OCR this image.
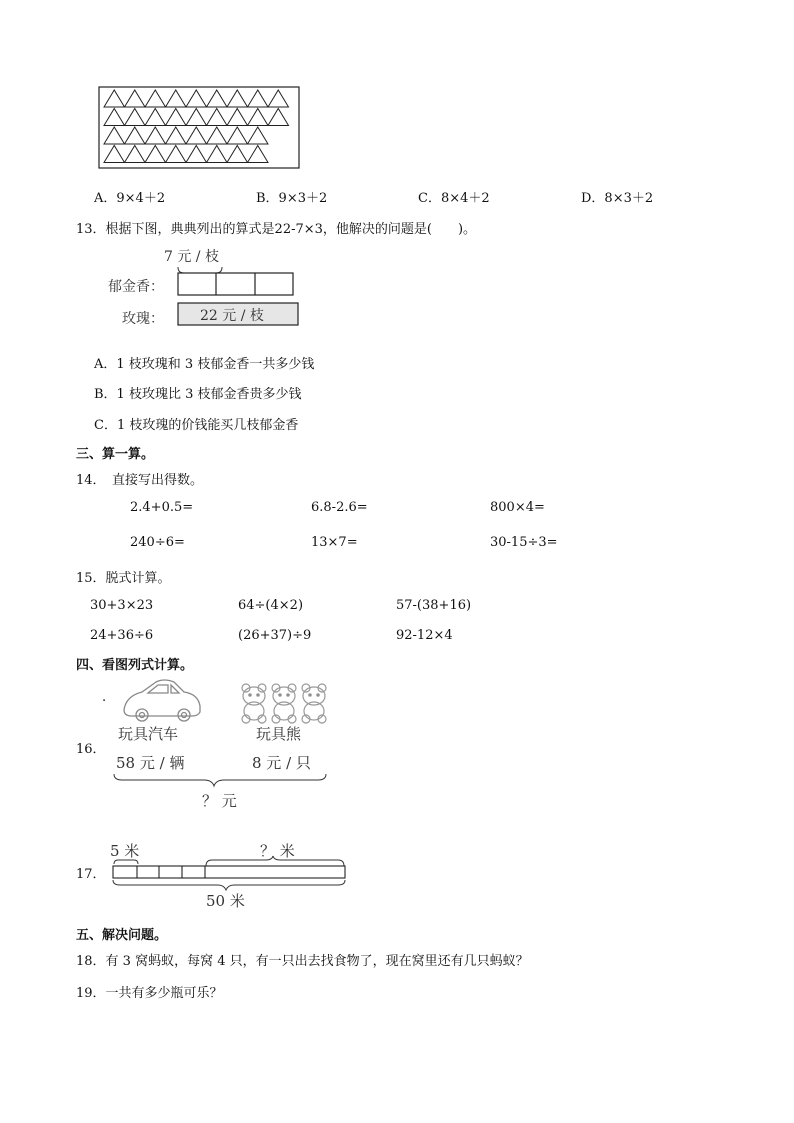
A．9×4＋2	B．9×3＋2	C．8×4＋2	D．8×3＋2
13．根据下图，典典列出的算式是22-7×3，他解决的问题是(　　)。
7 元 / 枝
郁金香：
玫瑰：	22 元 / 枝
A．1 枝玫瑰和 3 枝郁金香一共多少钱
B．1 枝玫瑰比 3 枝郁金香贵多少钱
C．1 枝玫瑰的价钱能买几枝郁金香
三、算一算。
14．　直接写出得数。
2.4+0.5=	6.8-2.6=	800×4=
240÷6=	13×7=	30-15÷3=
15．脱式计算。
30+3×23	64÷(4×2)	57-(38+16)
24+36÷6	(26+37)÷9	92-12×4
四、看图列式计算。
.
16．
玩具汽车	玩具熊
58 元 / 辆	8 元 / 只
？ 元
17．
5 米	？ 米
50 米
五、解决问题。
18．有 3 窝蚂蚁，每窝 4 只，有一只出去找食物了，现在窝里还有几只蚂蚁？
19．一共有多少瓶可乐？
